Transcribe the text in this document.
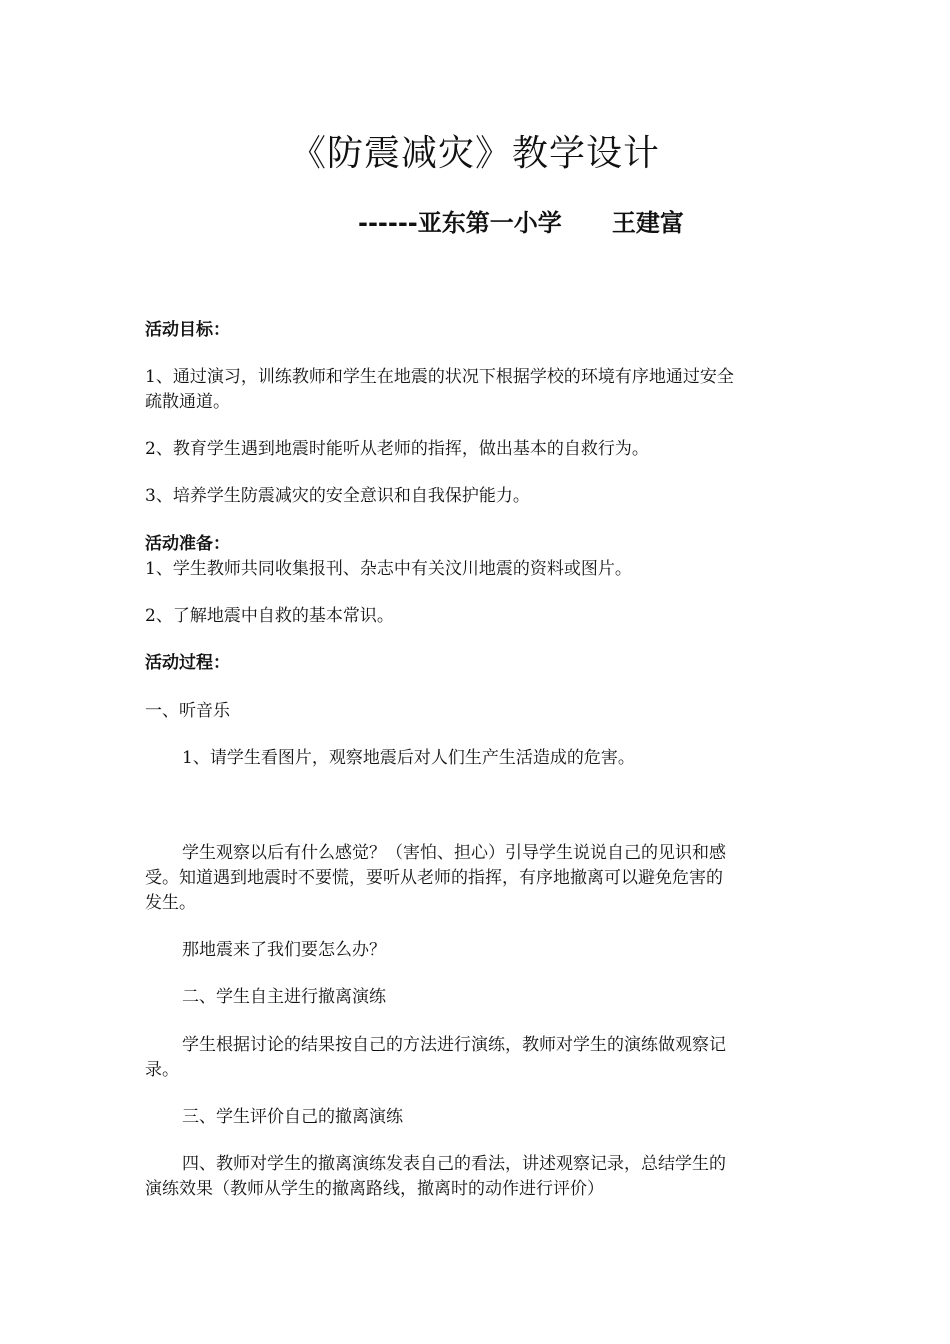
《防震减灾》教学设计
------亚东第一小学      王建富
活动目标：
1、通过演习，训练教师和学生在地震的状况下根据学校的环境有序地通过安全
疏散通道。
2、教育学生遇到地震时能听从老师的指挥，做出基本的自救行为。
3、培养学生防震减灾的安全意识和自我保护能力。
活动准备：
1、学生教师共同收集报刊、杂志中有关汶川地震的资料或图片。
2、了解地震中自救的基本常识。
活动过程：
一、听音乐
1、请学生看图片，观察地震后对人们生产生活造成的危害。
学生观察以后有什么感觉？（害怕、担心）引导学生说说自己的见识和感
受。知道遇到地震时不要慌，要听从老师的指挥，有序地撤离可以避免危害的
发生。
那地震来了我们要怎么办？
二、学生自主进行撤离演练
学生根据讨论的结果按自己的方法进行演练，教师对学生的演练做观察记
录。
三、学生评价自己的撤离演练
四、教师对学生的撤离演练发表自己的看法，讲述观察记录，总结学生的
演练效果（教师从学生的撤离路线，撤离时的动作进行评价）
